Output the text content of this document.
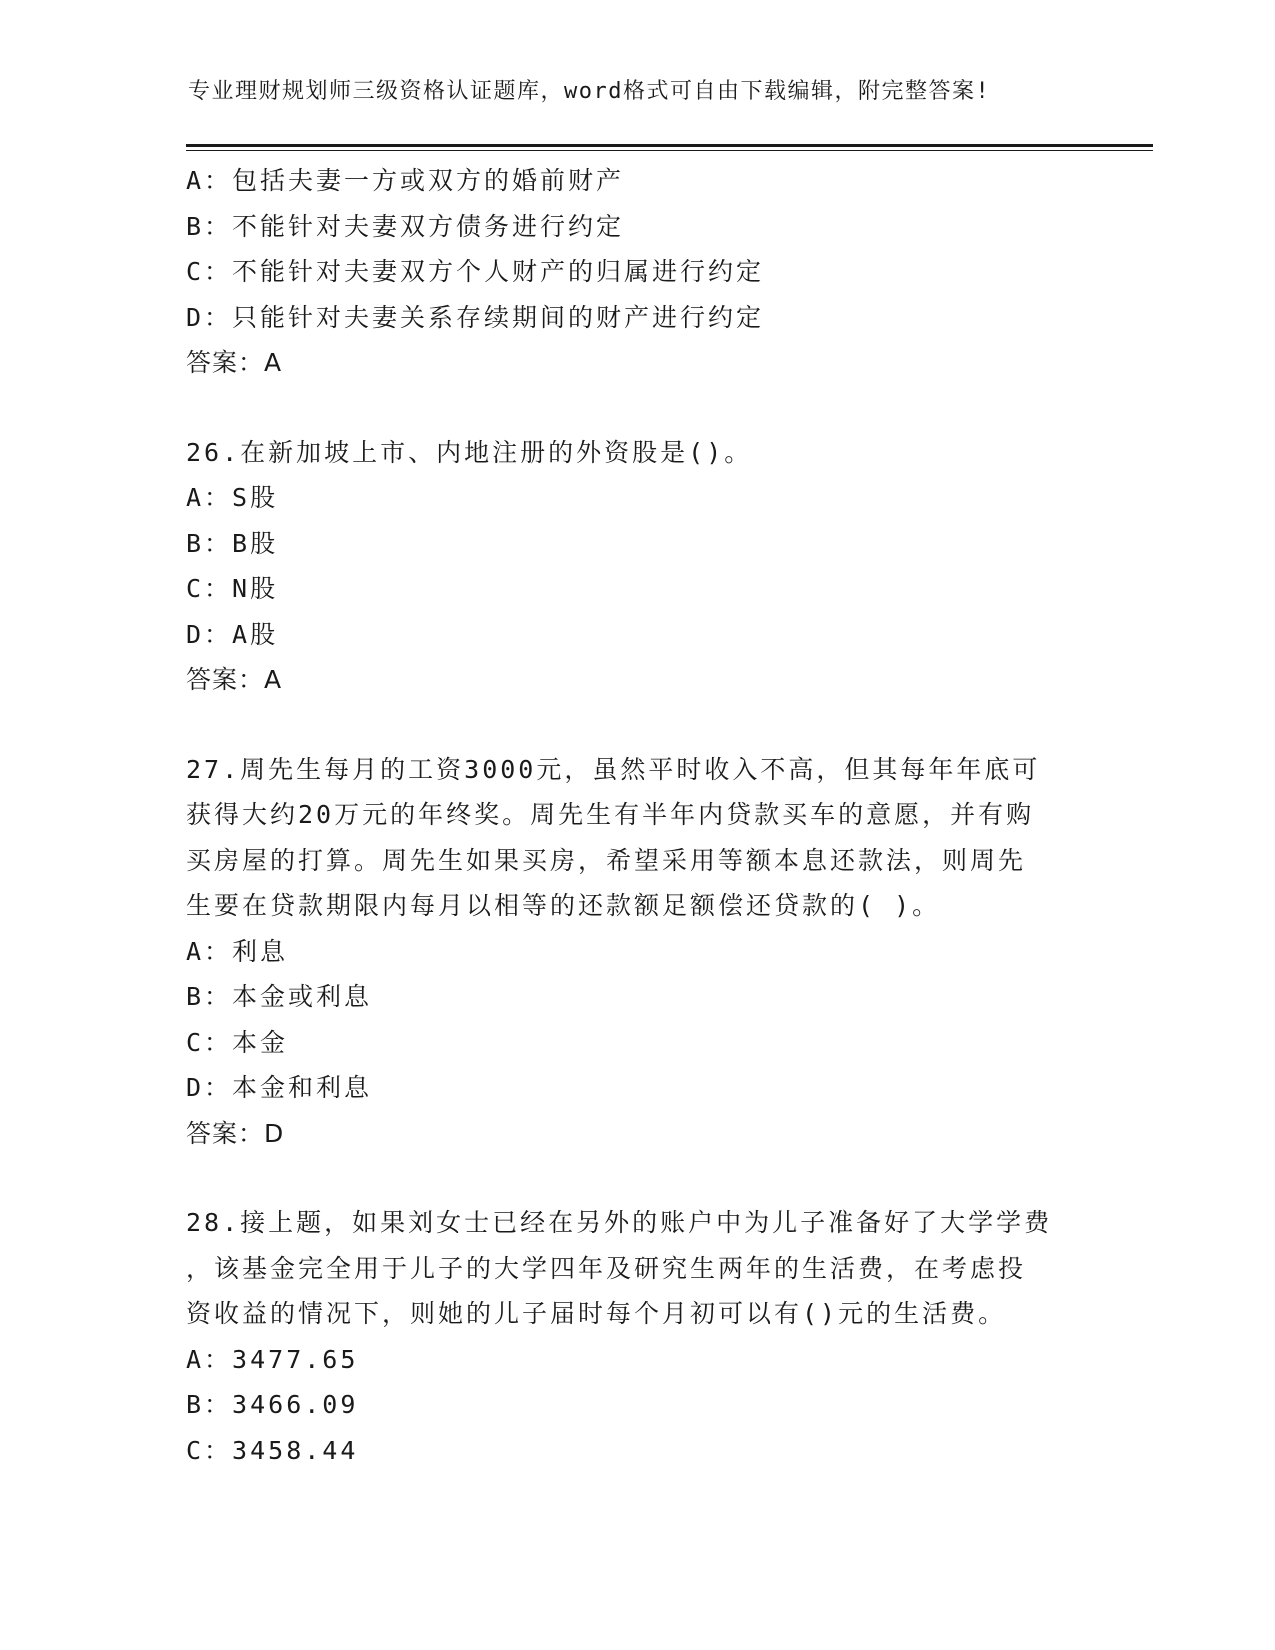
专业理财规划师三级资格认证题库，word格式可自由下载编辑，附完整答案!
A：包括夫妻一方或双方的婚前财产
B：不能针对夫妻双方债务进行约定
C：不能针对夫妻双方个人财产的归属进行约定
D：只能针对夫妻关系存续期间的财产进行约定
答案：A
26.在新加坡上市、内地注册的外资股是()。
A：S股
B：B股
C：N股
D：A股
答案：A
27.周先生每月的工资3000元，虽然平时收入不高，但其每年年底可
获得大约20万元的年终奖。周先生有半年内贷款买车的意愿，并有购
买房屋的打算。周先生如果买房，希望采用等额本息还款法，则周先
生要在贷款期限内每月以相等的还款额足额偿还贷款的( )。
A：利息
B：本金或利息
C：本金
D：本金和利息
答案：D
28.接上题，如果刘女士已经在另外的账户中为儿子准备好了大学学费
，该基金完全用于儿子的大学四年及研究生两年的生活费，在考虑投
资收益的情况下，则她的儿子届时每个月初可以有()元的生活费。
A：3477.65
B：3466.09
C：3458.44
